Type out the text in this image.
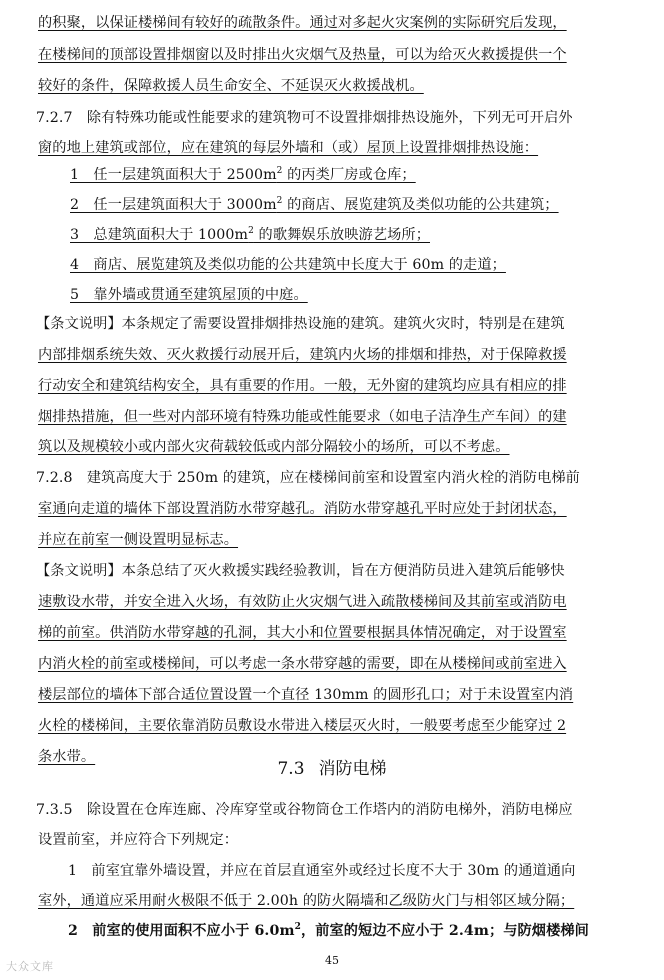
的积聚，以保证楼梯间有较好的疏散条件。通过对多起火灾案例的实际研究后发现，
在楼梯间的顶部设置排烟窗以及时排出火灾烟气及热量，可以为给灭火救援提供一个
较好的条件，保障救援人员生命安全、不延误灭火救援战机。
7.2.7　除有特殊功能或性能要求的建筑物可不设置排烟排热设施外，下列无可开启外
窗的地上建筑或部位，应在建筑的每层外墙和（或）屋顶上设置排烟排热设施：
1　任一层建筑面积大于 $2500m^2$ 的丙类厂房或仓库；
2　任一层建筑面积大于 $3000m^2$ 的商店、展览建筑及类似功能的公共建筑；
3　总建筑面积大于 $1000m^2$ 的歌舞娱乐放映游艺场所；
4　商店、展览建筑及类似功能的公共建筑中长度大于 60m 的走道；
5　靠外墙或贯通至建筑屋顶的中庭。
【条文说明】本条规定了需要设置排烟排热设施的建筑。建筑火灾时，特别是在建筑
内部排烟系统失效、灭火救援行动展开后，建筑内火场的排烟和排热，对于保障救援
行动安全和建筑结构安全，具有重要的作用。一般，无外窗的建筑均应具有相应的排
烟排热措施，但一些对内部环境有特殊功能或性能要求（如电子洁净生产车间）的建
筑以及规模较小或内部火灾荷载较低或内部分隔较小的场所，可以不考虑。
7.2.8　建筑高度大于 250m 的建筑，应在楼梯间前室和设置室内消火栓的消防电梯前
室通向走道的墙体下部设置消防水带穿越孔。消防水带穿越孔平时应处于封闭状态，
并应在前室一侧设置明显标志。
【条文说明】本条总结了灭火救援实践经验教训，旨在方便消防员进入建筑后能够快
速敷设水带，并安全进入火场，有效防止火灾烟气进入疏散楼梯间及其前室或消防电
梯的前室。供消防水带穿越的孔洞，其大小和位置要根据具体情况确定，对于设置室
内消火栓的前室或楼梯间，可以考虑一条水带穿越的需要，即在从楼梯间或前室进入
楼层部位的墙体下部合适位置设置一个直径 130mm 的圆形孔口；对于未设置室内消
火栓的楼梯间，主要依靠消防员敷设水带进入楼层灭火时，一般要考虑至少能穿过 2
条水带。
7.3.5　除设置在仓库连廊、冷库穿堂或谷物筒仓工作塔内的消防电梯外，消防电梯应
设置前室，并应符合下列规定：
1　前室宜靠外墙设置，并应在首层直通室外或经过长度不大于 30m 的通道通向
室外，通道应采用耐火极限不低于 2.00h 的防火隔墙和乙级防火门与相邻区域分隔；
2　前室的使用面积不应小于 $6.0m^2$，前室的短边不应小于 2.4m；与防烟楼梯间
7.3 消防电梯
45
大众文库
